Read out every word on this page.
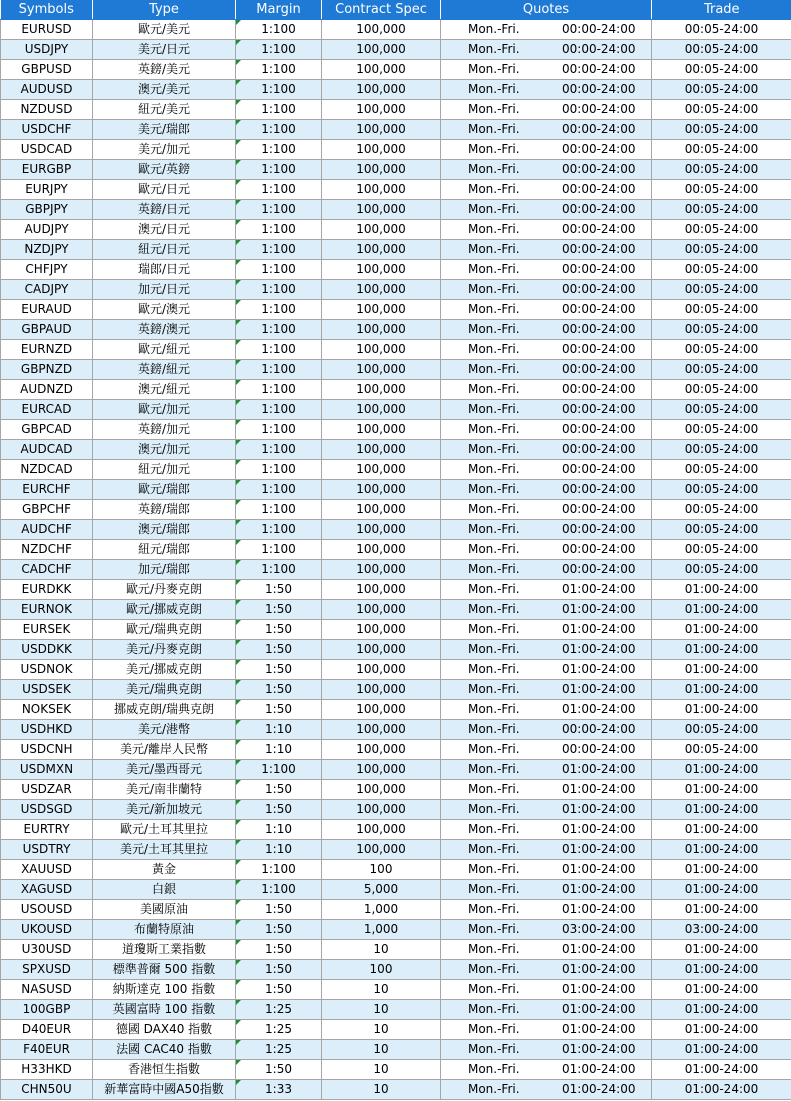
Symbols	Type	Margin	Contract Spec	Quotes		Trade
EURUSD	歐元/美元	1:100	100,000	Mon.-Fri.	00:00-24:00	00:05-24:00
USDJPY	美元/日元	1:100	100,000	Mon.-Fri.	00:00-24:00	00:05-24:00
GBPUSD	英鎊/美元	1:100	100,000	Mon.-Fri.	00:00-24:00	00:05-24:00
AUDUSD	澳元/美元	1:100	100,000	Mon.-Fri.	00:00-24:00	00:05-24:00
NZDUSD	紐元/美元	1:100	100,000	Mon.-Fri.	00:00-24:00	00:05-24:00
USDCHF	美元/瑞郎	1:100	100,000	Mon.-Fri.	00:00-24:00	00:05-24:00
USDCAD	美元/加元	1:100	100,000	Mon.-Fri.	00:00-24:00	00:05-24:00
EURGBP	歐元/英鎊	1:100	100,000	Mon.-Fri.	00:00-24:00	00:05-24:00
EURJPY	歐元/日元	1:100	100,000	Mon.-Fri.	00:00-24:00	00:05-24:00
GBPJPY	英鎊/日元	1:100	100,000	Mon.-Fri.	00:00-24:00	00:05-24:00
AUDJPY	澳元/日元	1:100	100,000	Mon.-Fri.	00:00-24:00	00:05-24:00
NZDJPY	紐元/日元	1:100	100,000	Mon.-Fri.	00:00-24:00	00:05-24:00
CHFJPY	瑞郎/日元	1:100	100,000	Mon.-Fri.	00:00-24:00	00:05-24:00
CADJPY	加元/日元	1:100	100,000	Mon.-Fri.	00:00-24:00	00:05-24:00
EURAUD	歐元/澳元	1:100	100,000	Mon.-Fri.	00:00-24:00	00:05-24:00
GBPAUD	英鎊/澳元	1:100	100,000	Mon.-Fri.	00:00-24:00	00:05-24:00
EURNZD	歐元/紐元	1:100	100,000	Mon.-Fri.	00:00-24:00	00:05-24:00
GBPNZD	英鎊/紐元	1:100	100,000	Mon.-Fri.	00:00-24:00	00:05-24:00
AUDNZD	澳元/紐元	1:100	100,000	Mon.-Fri.	00:00-24:00	00:05-24:00
EURCAD	歐元/加元	1:100	100,000	Mon.-Fri.	00:00-24:00	00:05-24:00
GBPCAD	英鎊/加元	1:100	100,000	Mon.-Fri.	00:00-24:00	00:05-24:00
AUDCAD	澳元/加元	1:100	100,000	Mon.-Fri.	00:00-24:00	00:05-24:00
NZDCAD	紐元/加元	1:100	100,000	Mon.-Fri.	00:00-24:00	00:05-24:00
EURCHF	歐元/瑞郎	1:100	100,000	Mon.-Fri.	00:00-24:00	00:05-24:00
GBPCHF	英鎊/瑞郎	1:100	100,000	Mon.-Fri.	00:00-24:00	00:05-24:00
AUDCHF	澳元/瑞郎	1:100	100,000	Mon.-Fri.	00:00-24:00	00:05-24:00
NZDCHF	紐元/瑞郎	1:100	100,000	Mon.-Fri.	00:00-24:00	00:05-24:00
CADCHF	加元/瑞郎	1:100	100,000	Mon.-Fri.	00:00-24:00	00:05-24:00
EURDKK	歐元/丹麥克朗	1:50	100,000	Mon.-Fri.	01:00-24:00	01:00-24:00
EURNOK	歐元/挪威克朗	1:50	100,000	Mon.-Fri.	01:00-24:00	01:00-24:00
EURSEK	歐元/瑞典克朗	1:50	100,000	Mon.-Fri.	01:00-24:00	01:00-24:00
USDDKK	美元/丹麥克朗	1:50	100,000	Mon.-Fri.	01:00-24:00	01:00-24:00
USDNOK	美元/挪威克朗	1:50	100,000	Mon.-Fri.	01:00-24:00	01:00-24:00
USDSEK	美元/瑞典克朗	1:50	100,000	Mon.-Fri.	01:00-24:00	01:00-24:00
NOKSEK	挪威克朗/瑞典克朗	1:50	100,000	Mon.-Fri.	01:00-24:00	01:00-24:00
USDHKD	美元/港幣	1:10	100,000	Mon.-Fri.	00:00-24:00	00:05-24:00
USDCNH	美元/離岸人民幣	1:10	100,000	Mon.-Fri.	00:00-24:00	00:05-24:00
USDMXN	美元/墨西哥元	1:100	100,000	Mon.-Fri.	01:00-24:00	01:00-24:00
USDZAR	美元/南非蘭特	1:50	100,000	Mon.-Fri.	01:00-24:00	01:00-24:00
USDSGD	美元/新加坡元	1:50	100,000	Mon.-Fri.	01:00-24:00	01:00-24:00
EURTRY	歐元/土耳其里拉	1:10	100,000	Mon.-Fri.	01:00-24:00	01:00-24:00
USDTRY	美元/土耳其里拉	1:10	100,000	Mon.-Fri.	01:00-24:00	01:00-24:00
XAUUSD	黃金	1:100	100	Mon.-Fri.	01:00-24:00	01:00-24:00
XAGUSD	白銀	1:100	5,000	Mon.-Fri.	01:00-24:00	01:00-24:00
USOUSD	美國原油	1:50	1,000	Mon.-Fri.	01:00-24:00	01:00-24:00
UKOUSD	布蘭特原油	1:50	1,000	Mon.-Fri.	03:00-24:00	03:00-24:00
U30USD	道瓊斯工業指數	1:50	10	Mon.-Fri.	01:00-24:00	01:00-24:00
SPXUSD	標準普爾 500 指數	1:50	100	Mon.-Fri.	01:00-24:00	01:00-24:00
NASUSD	納斯達克 100 指數	1:50	10	Mon.-Fri.	01:00-24:00	01:00-24:00
100GBP	英國富時 100 指數	1:25	10	Mon.-Fri.	01:00-24:00	01:00-24:00
D40EUR	德國 DAX40 指數	1:25	10	Mon.-Fri.	01:00-24:00	01:00-24:00
F40EUR	法國 CAC40 指數	1:25	10	Mon.-Fri.	01:00-24:00	01:00-24:00
H33HKD	香港恒生指數	1:50	10	Mon.-Fri.	01:00-24:00	01:00-24:00
CHN50U	新華富時中國A50指數	1:33	10	Mon.-Fri.	01:00-24:00	01:00-24:00
